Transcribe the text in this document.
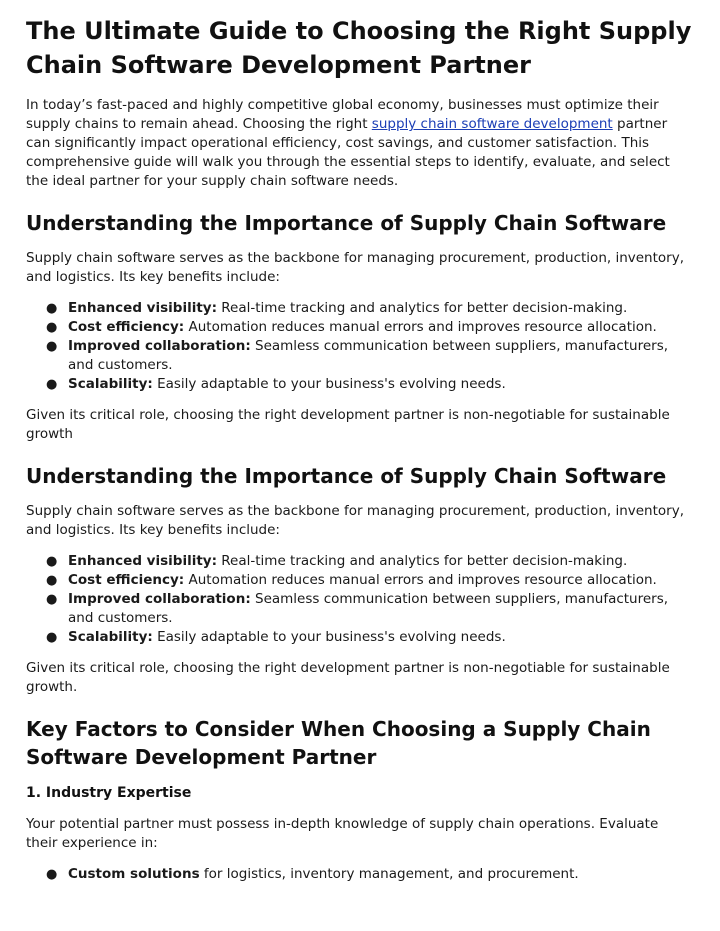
The Ultimate Guide to Choosing the Right Supply Chain Software Development Partner

In today’s fast-paced and highly competitive global economy, businesses must optimize their supply chains to remain ahead. Choosing the right supply chain software development partner can significantly impact operational efficiency, cost savings, and customer satisfaction. This comprehensive guide will walk you through the essential steps to identify, evaluate, and select the ideal partner for your supply chain software needs.

Understanding the Importance of Supply Chain Software

Supply chain software serves as the backbone for managing procurement, production, inventory, and logistics. Its key benefits include:

● Enhanced visibility: Real-time tracking and analytics for better decision-making.
● Cost efficiency: Automation reduces manual errors and improves resource allocation.
● Improved collaboration: Seamless communication between suppliers, manufacturers, and customers.
● Scalability: Easily adaptable to your business's evolving needs.

Given its critical role, choosing the right development partner is non-negotiable for sustainable growth

Understanding the Importance of Supply Chain Software

Supply chain software serves as the backbone for managing procurement, production, inventory, and logistics. Its key benefits include:

● Enhanced visibility: Real-time tracking and analytics for better decision-making.
● Cost efficiency: Automation reduces manual errors and improves resource allocation.
● Improved collaboration: Seamless communication between suppliers, manufacturers, and customers.
● Scalability: Easily adaptable to your business's evolving needs.

Given its critical role, choosing the right development partner is non-negotiable for sustainable growth.

Key Factors to Consider When Choosing a Supply Chain Software Development Partner
1. Industry Expertise

Your potential partner must possess in-depth knowledge of supply chain operations. Evaluate their experience in:

● Custom solutions for logistics, inventory management, and procurement.
